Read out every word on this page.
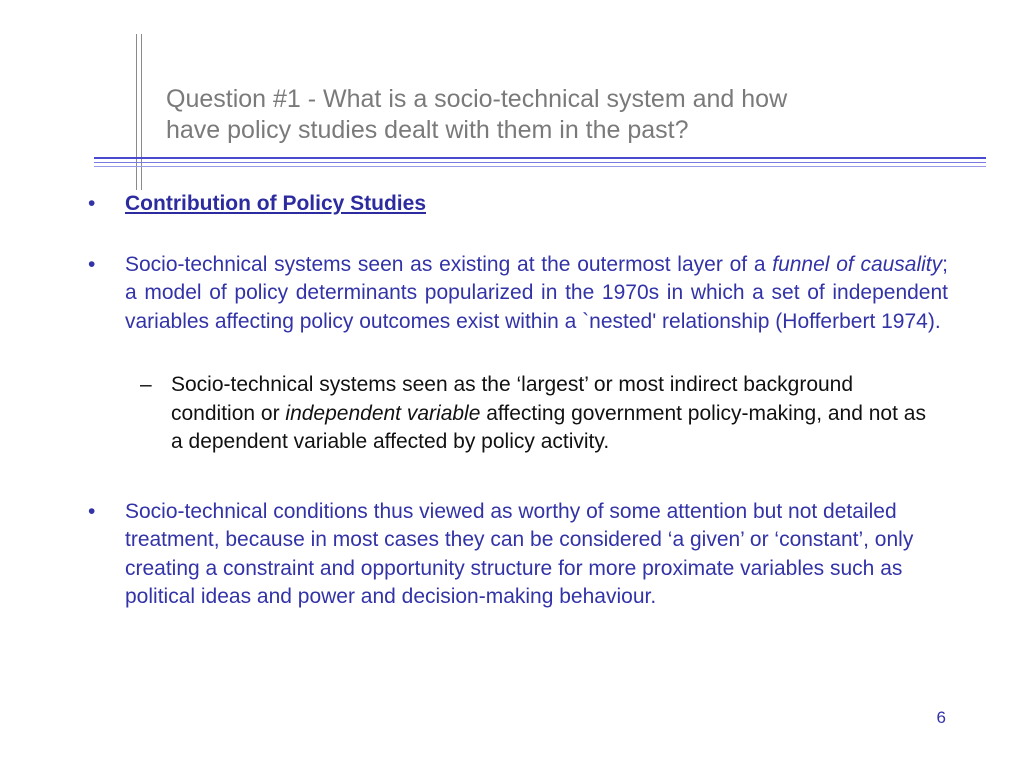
Question #1 - What is a socio-technical system and how
have policy studies dealt with them in the past?
•	Contribution of Policy Studies
•	Socio-technical systems seen as existing at the outermost layer of a funnel of causality; a model of policy determinants popularized in the 1970s in which a set of independent variables affecting policy outcomes exist within a `nested' relationship (Hofferbert 1974).
– Socio-technical systems seen as the ‘largest’ or most indirect background condition or independent variable affecting government policy-making, and not as a dependent variable affected by policy activity.
•	Socio-technical conditions thus viewed as worthy of some attention but not detailed treatment, because in most cases they can be considered ‘a given’ or ‘constant’, only creating a constraint and opportunity structure for more proximate variables such as political ideas and power and decision-making behaviour.
6
